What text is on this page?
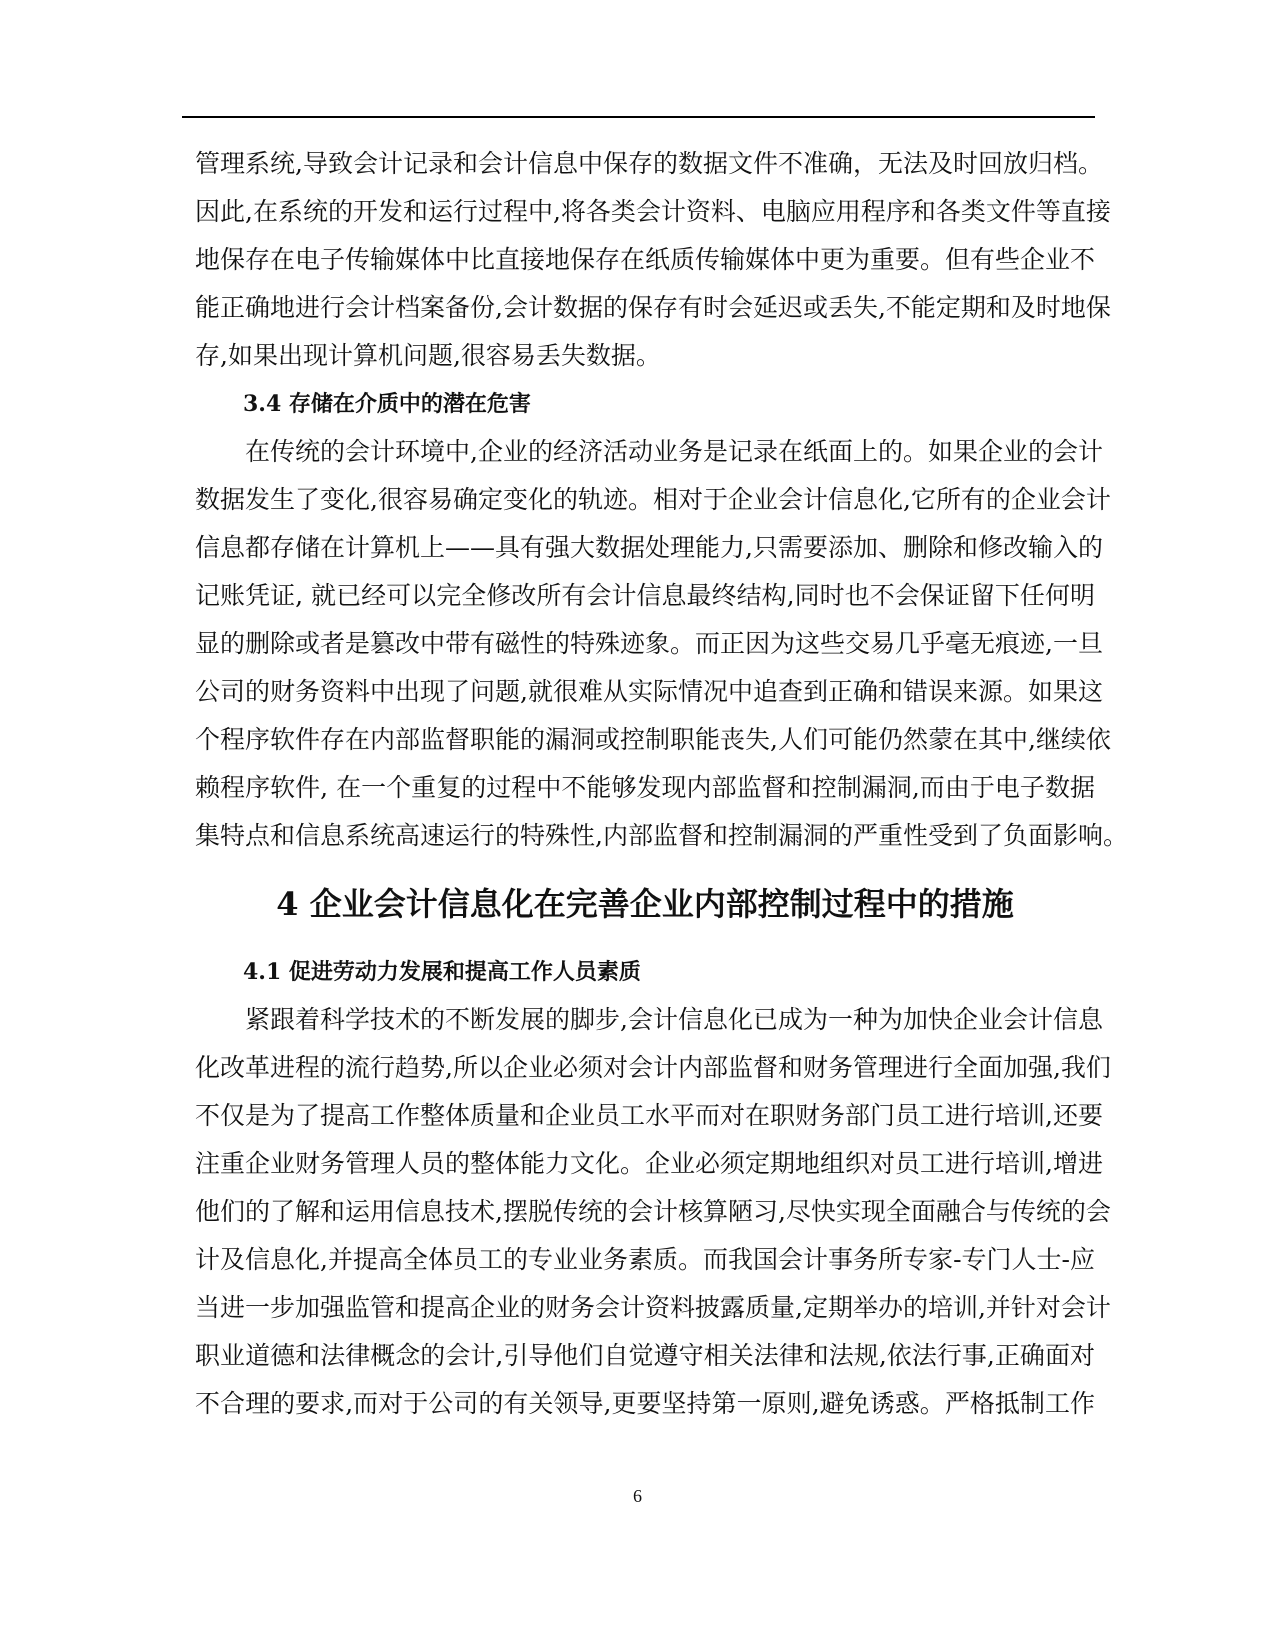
管理系统,导致会计记录和会计信息中保存的数据文件不准确，无法及时回放归档。
因此,在系统的开发和运行过程中,将各类会计资料、电脑应用程序和各类文件等直接
地保存在电子传输媒体中比直接地保存在纸质传输媒体中更为重要。但有些企业不
能正确地进行会计档案备份,会计数据的保存有时会延迟或丢失,不能定期和及时地保
存,如果出现计算机问题,很容易丢失数据。
3.4 存储在介质中的潜在危害
　　在传统的会计环境中,企业的经济活动业务是记录在纸面上的。如果企业的会计
数据发生了变化,很容易确定变化的轨迹。相对于企业会计信息化,它所有的企业会计
信息都存储在计算机上——具有强大数据处理能力,只需要添加、删除和修改输入的
记账凭证, 就已经可以完全修改所有会计信息最终结构,同时也不会保证留下任何明
显的删除或者是篡改中带有磁性的特殊迹象。而正因为这些交易几乎毫无痕迹,一旦
公司的财务资料中出现了问题,就很难从实际情况中追查到正确和错误来源。如果这
个程序软件存在内部监督职能的漏洞或控制职能丧失,人们可能仍然蒙在其中,继续依
赖程序软件, 在一个重复的过程中不能够发现内部监督和控制漏洞,而由于电子数据
集特点和信息系统高速运行的特殊性,内部监督和控制漏洞的严重性受到了负面影响。
4 企业会计信息化在完善企业内部控制过程中的措施
4.1 促进劳动力发展和提高工作人员素质
　　紧跟着科学技术的不断发展的脚步,会计信息化已成为一种为加快企业会计信息
化改革进程的流行趋势,所以企业必须对会计内部监督和财务管理进行全面加强,我们
不仅是为了提高工作整体质量和企业员工水平而对在职财务部门员工进行培训,还要
注重企业财务管理人员的整体能力文化。企业必须定期地组织对员工进行培训,增进
他们的了解和运用信息技术,摆脱传统的会计核算陋习,尽快实现全面融合与传统的会
计及信息化,并提高全体员工的专业业务素质。而我国会计事务所专家-专门人士-应
当进一步加强监管和提高企业的财务会计资料披露质量,定期举办的培训,并针对会计
职业道德和法律概念的会计,引导他们自觉遵守相关法律和法规,依法行事,正确面对
不合理的要求,而对于公司的有关领导,更要坚持第一原则,避免诱惑。严格抵制工作
6
